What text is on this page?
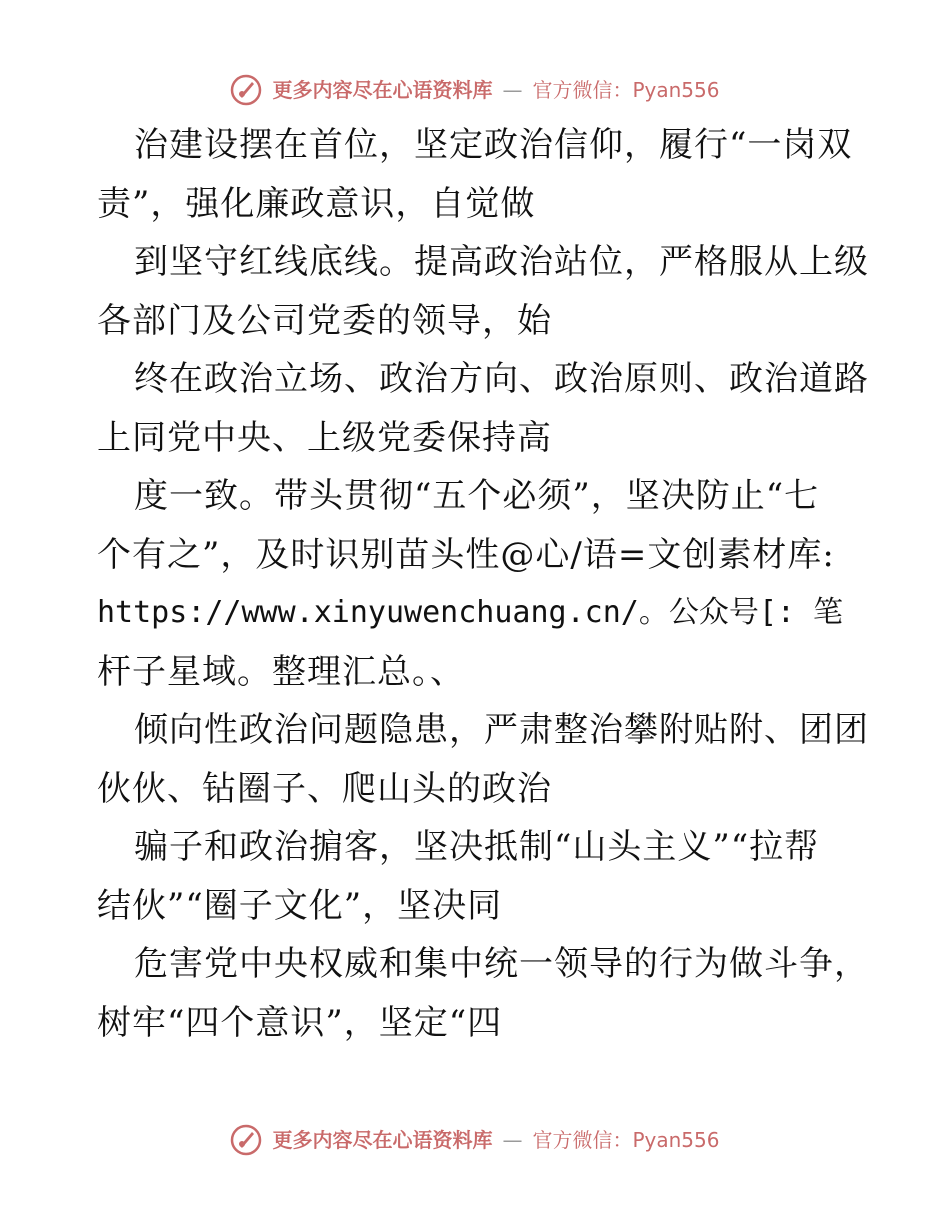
更多内容尽在心语资料库 — 官方微信：Pyan556
治建设摆在首位，坚定政治信仰，履行“一岗双
责”，强化廉政意识，自觉做
到坚守红线底线。提高政治站位，严格服从上级
各部门及公司党委的领导，始
终在政治立场、政治方向、政治原则、政治道路
上同党中央、上级党委保持高
度一致。带头贯彻“五个必须”，坚决防止“七
个有之”，及时识别苗头性@心/语=文创素材库:
https://www.xinyuwenchuang.cn/。公众号[: 笔
杆子星域。整理汇总。、
倾向性政治问题隐患，严肃整治攀附贴附、团团
伙伙、钻圈子、爬山头的政治
骗子和政治掮客，坚决抵制“山头主义”“拉帮
结伙”“圈子文化”，坚决同
危害党中央权威和集中统一领导的行为做斗争，
树牢“四个意识”，坚定“四
更多内容尽在心语资料库 — 官方微信：Pyan556
